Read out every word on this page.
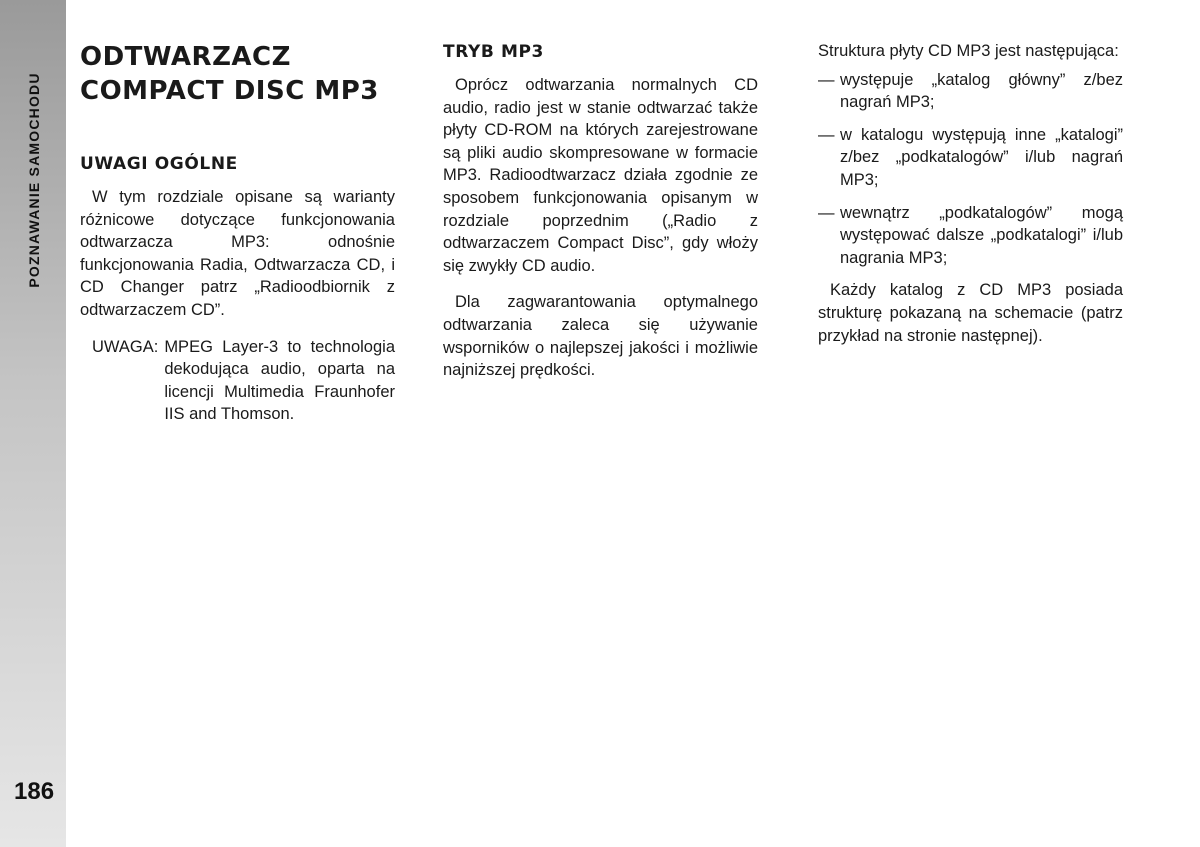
POZNAWANIE SAMOCHODU
186
ODTWARZACZ
COMPACT DISC MP3
UWAGI OGÓLNE

W tym rozdziale opisane są warianty różnicowe dotyczące funkcjonowania odtwarzacza MP3: odnośnie funkcjonowania Radia, Odtwarzacza CD, i CD Changer patrz „Radioodbiornik z odtwarzaczem CD”.

UWAGA: MPEG Layer-3 to technologia dekodująca audio, oparta na licencji Multimedia Fraunhofer IIS and Thomson.
TRYB MP3

Oprócz odtwarzania normalnych CD audio, radio jest w stanie odtwarzać także płyty CD-ROM na których zarejestrowane są pliki audio skompresowane w formacie MP3. Radioodtwarzacz działa zgodnie ze sposobem funkcjonowania opisanym w rozdziale poprzednim („Radio z odtwarzaczem Compact Disc”, gdy włoży się zwykły CD audio.

Dla zagwarantowania optymalnego odtwarzania zaleca się używanie wsporników o najlepszej jakości i możliwie najniższej prędkości.

Struktura płyty CD MP3 jest następująca:

— występuje „katalog główny” z/bez nagrań MP3;
— w katalogu występują inne „katalogi” z/bez „podkatalogów” i/lub nagrań MP3;
— wewnątrz „podkatalogów” mogą występować dalsze „podkatalogi” i/lub nagrania MP3;

Każdy katalog z CD MP3 posiada strukturę pokazaną na schemacie (patrz przykład na stronie następnej).
